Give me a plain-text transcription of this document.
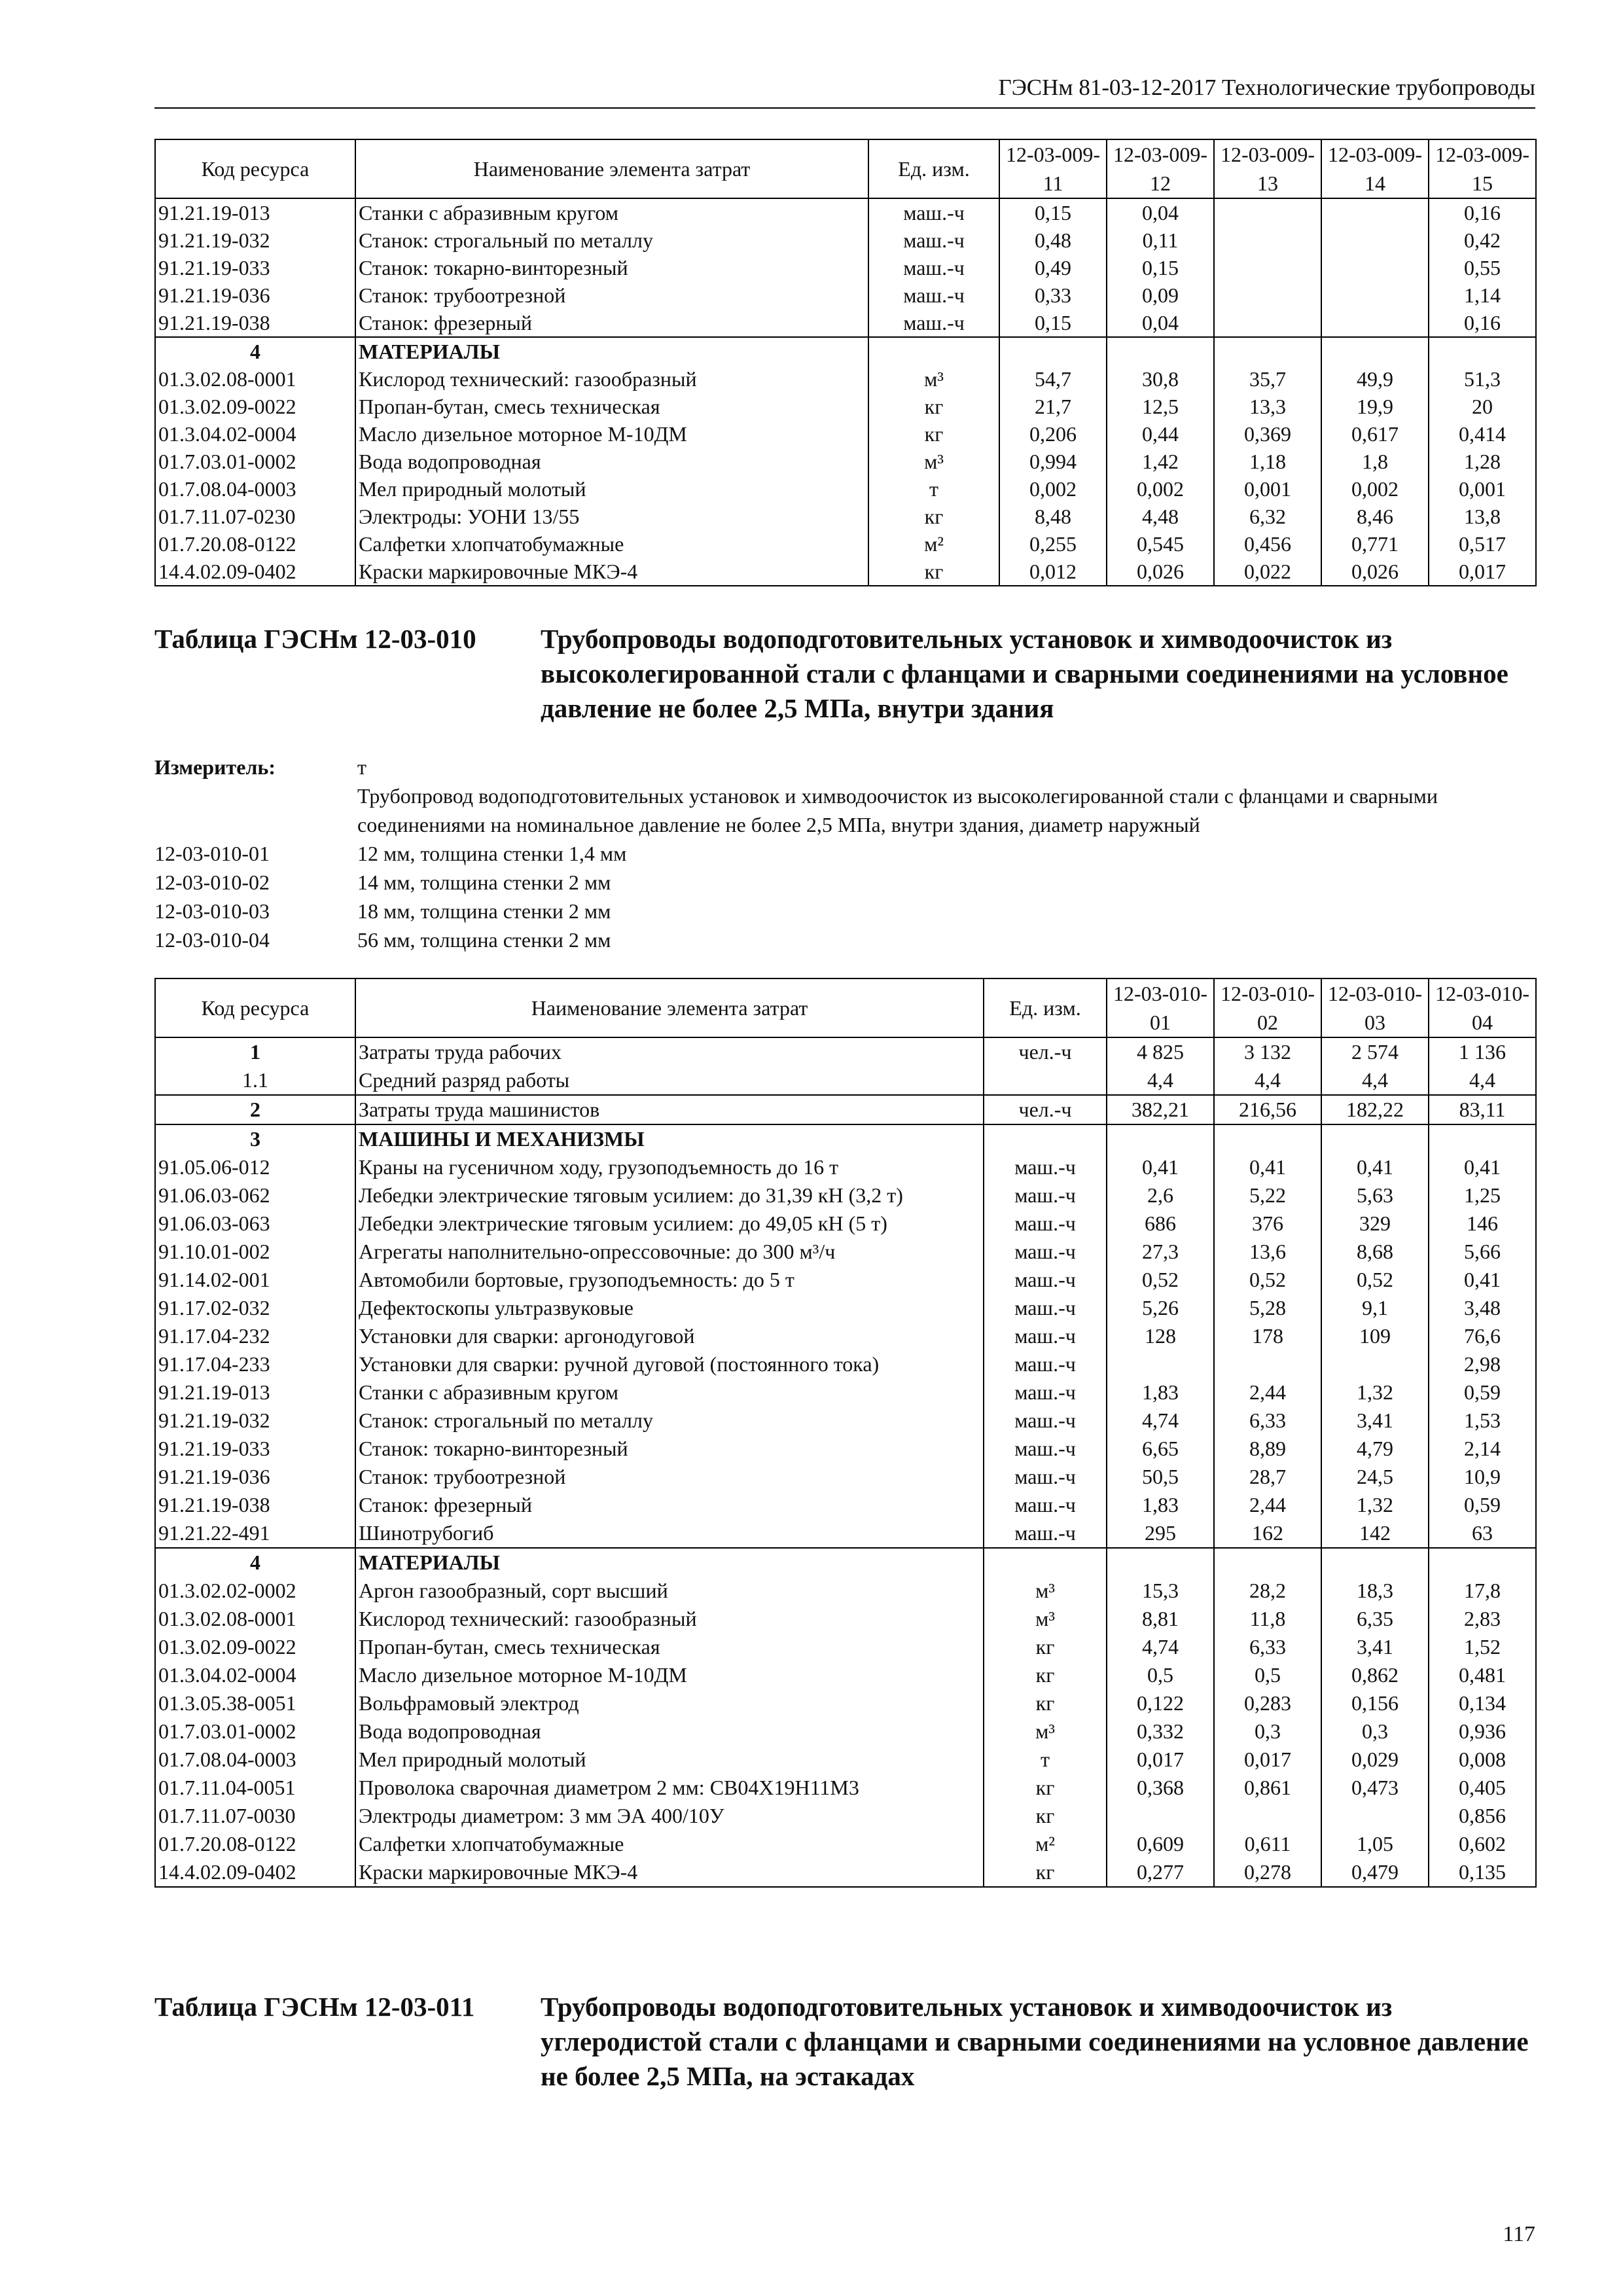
ГЭСНм 81-03-12-2017 Технологические трубопроводы
Код ресурса	Наименование элемента затрат	Ед. изм.	12-03-009-11	12-03-009-12	12-03-009-13	12-03-009-14	12-03-009-15
91.21.19-013	Станки с абразивным кругом	маш.-ч	0,15	0,04			0,16
91.21.19-032	Станок: строгальный по металлу	маш.-ч	0,48	0,11			0,42
91.21.19-033	Станок: токарно-винторезный	маш.-ч	0,49	0,15			0,55
91.21.19-036	Станок: трубоотрезной	маш.-ч	0,33	0,09			1,14
91.21.19-038	Станок: фрезерный	маш.-ч	0,15	0,04			0,16
4	МАТЕРИАЛЫ						
01.3.02.08-0001	Кислород технический: газообразный	м³	54,7	30,8	35,7	49,9	51,3
01.3.02.09-0022	Пропан-бутан, смесь техническая	кг	21,7	12,5	13,3	19,9	20
01.3.04.02-0004	Масло дизельное моторное М-10ДМ	кг	0,206	0,44	0,369	0,617	0,414
01.7.03.01-0002	Вода водопроводная	м³	0,994	1,42	1,18	1,8	1,28
01.7.08.04-0003	Мел природный молотый	т	0,002	0,002	0,001	0,002	0,001
01.7.11.07-0230	Электроды: УОНИ 13/55	кг	8,48	4,48	6,32	8,46	13,8
01.7.20.08-0122	Салфетки хлопчатобумажные	м²	0,255	0,545	0,456	0,771	0,517
14.4.02.09-0402	Краски маркировочные МКЭ-4	кг	0,012	0,026	0,022	0,026	0,017
Таблица ГЭСНм 12-03-010	Трубопроводы водоподготовительных установок и химводоочисток из высоколегированной стали с фланцами и сварными соединениями на условное давление не более 2,5 МПа, внутри здания
Измеритель:	т
Трубопровод водоподготовительных установок и химводоочисток из высоколегированной стали с фланцами и сварными соединениями на номинальное давление не более 2,5 МПа, внутри здания, диаметр наружный
12-03-010-01	12 мм, толщина стенки 1,4 мм
12-03-010-02	14 мм, толщина стенки 2 мм
12-03-010-03	18 мм, толщина стенки 2 мм
12-03-010-04	56 мм, толщина стенки 2 мм
Код ресурса	Наименование элемента затрат	Ед. изм.	12-03-010-01	12-03-010-02	12-03-010-03	12-03-010-04
1	Затраты труда рабочих	чел.-ч	4 825	3 132	2 574	1 136
1.1	Средний разряд работы		4,4	4,4	4,4	4,4
2	Затраты труда машинистов	чел.-ч	382,21	216,56	182,22	83,11
3	МАШИНЫ И МЕХАНИЗМЫ					
91.05.06-012	Краны на гусеничном ходу, грузоподъемность до 16 т	маш.-ч	0,41	0,41	0,41	0,41
91.06.03-062	Лебедки электрические тяговым усилием: до 31,39 кН (3,2 т)	маш.-ч	2,6	5,22	5,63	1,25
91.06.03-063	Лебедки электрические тяговым усилием: до 49,05 кН (5 т)	маш.-ч	686	376	329	146
91.10.01-002	Агрегаты наполнительно-опрессовочные: до 300 м³/ч	маш.-ч	27,3	13,6	8,68	5,66
91.14.02-001	Автомобили бортовые, грузоподъемность: до 5 т	маш.-ч	0,52	0,52	0,52	0,41
91.17.02-032	Дефектоскопы ультразвуковые	маш.-ч	5,26	5,28	9,1	3,48
91.17.04-232	Установки для сварки: аргонодуговой	маш.-ч	128	178	109	76,6
91.17.04-233	Установки для сварки: ручной дуговой (постоянного тока)	маш.-ч				2,98
91.21.19-013	Станки с абразивным кругом	маш.-ч	1,83	2,44	1,32	0,59
91.21.19-032	Станок: строгальный по металлу	маш.-ч	4,74	6,33	3,41	1,53
91.21.19-033	Станок: токарно-винторезный	маш.-ч	6,65	8,89	4,79	2,14
91.21.19-036	Станок: трубоотрезной	маш.-ч	50,5	28,7	24,5	10,9
91.21.19-038	Станок: фрезерный	маш.-ч	1,83	2,44	1,32	0,59
91.21.22-491	Шинотрубогиб	маш.-ч	295	162	142	63
4	МАТЕРИАЛЫ					
01.3.02.02-0002	Аргон газообразный, сорт высший	м³	15,3	28,2	18,3	17,8
01.3.02.08-0001	Кислород технический: газообразный	м³	8,81	11,8	6,35	2,83
01.3.02.09-0022	Пропан-бутан, смесь техническая	кг	4,74	6,33	3,41	1,52
01.3.04.02-0004	Масло дизельное моторное М-10ДМ	кг	0,5	0,5	0,862	0,481
01.3.05.38-0051	Вольфрамовый электрод	кг	0,122	0,283	0,156	0,134
01.7.03.01-0002	Вода водопроводная	м³	0,332	0,3	0,3	0,936
01.7.08.04-0003	Мел природный молотый	т	0,017	0,017	0,029	0,008
01.7.11.04-0051	Проволока сварочная диаметром 2 мм: СВ04Х19Н11М3	кг	0,368	0,861	0,473	0,405
01.7.11.07-0030	Электроды диаметром: 3 мм ЭА 400/10У	кг				0,856
01.7.20.08-0122	Салфетки хлопчатобумажные	м²	0,609	0,611	1,05	0,602
14.4.02.09-0402	Краски маркировочные МКЭ-4	кг	0,277	0,278	0,479	0,135
Таблица ГЭСНм 12-03-011	Трубопроводы водоподготовительных установок и химводоочисток из углеродистой стали с фланцами и сварными соединениями на условное давление не более 2,5 МПа, на эстакадах
117
